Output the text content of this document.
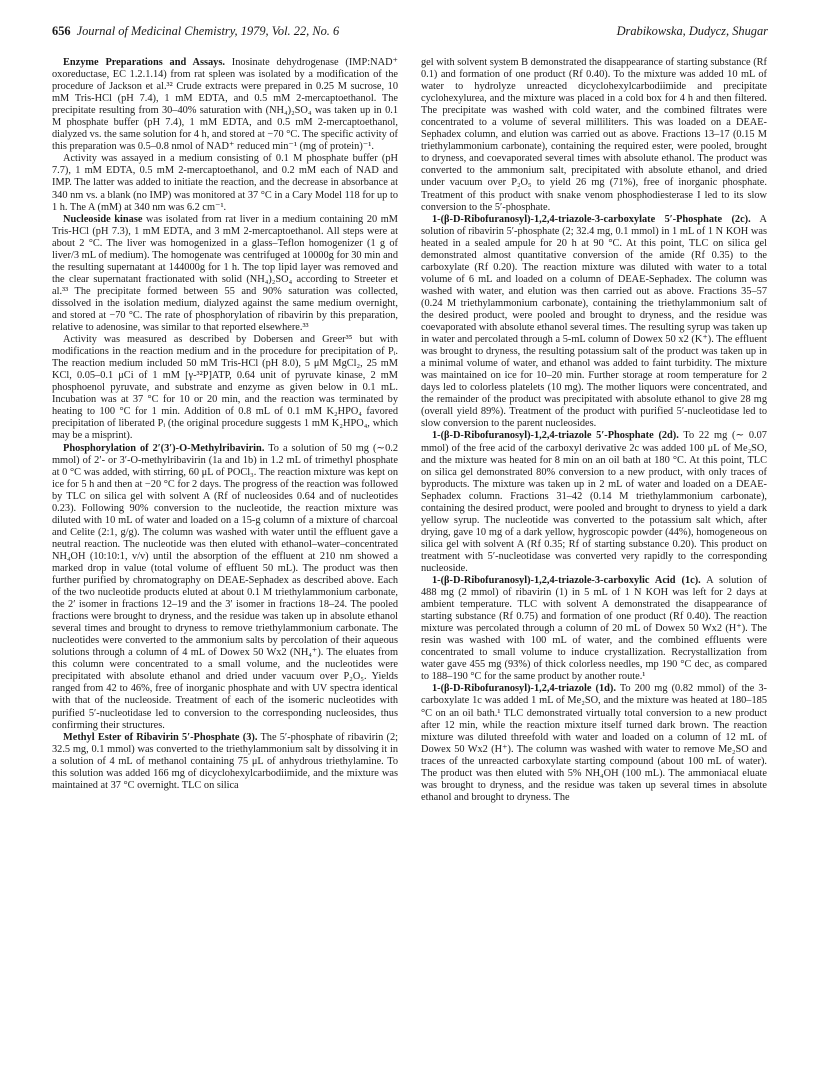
656 Journal of Medicinal Chemistry, 1979, Vol. 22, No. 6	Drabikowska, Dudycz, Shugar

Enzyme Preparations and Assays. Inosinate dehydrogenase (IMP:NAD⁺ oxoreductase, EC 1.2.1.14) from rat spleen was isolated by a modification of the procedure of Jackson et al.³² Crude extracts were prepared in 0.25 M sucrose, 10 mM Tris-HCl (pH 7.4), 1 mM EDTA, and 0.5 mM 2-mercaptoethanol. The precipitate resulting from 30–40% saturation with (NH₄)₂SO₄ was taken up in 0.1 M phosphate buffer (pH 7.4), 1 mM EDTA, and 0.5 mM 2-mercaptoethanol, dialyzed vs. the same solution for 4 h, and stored at −70 °C. The specific activity of this preparation was 0.5–0.8 nmol of NAD⁺ reduced min⁻¹ (mg of protein)⁻¹.

Activity was assayed in a medium consisting of 0.1 M phosphate buffer (pH 7.7), 1 mM EDTA, 0.5 mM 2-mercaptoethanol, and 0.2 mM each of NAD and IMP. The latter was added to initiate the reaction, and the decrease in absorbance at 340 nm vs. a blank (no IMP) was monitored at 37 °C in a Cary Model 118 for up to 1 h. The A (mM) at 340 nm was 6.2 cm⁻¹.

Nucleoside kinase was isolated from rat liver in a medium containing 20 mM Tris-HCl (pH 7.3), 1 mM EDTA, and 3 mM 2-mercaptoethanol. All steps were at about 2 °C. The liver was homogenized in a glass–Teflon homogenizer (1 g of liver/3 mL of medium). The homogenate was centrifuged at 10000g for 30 min and the resulting supernatant at 144000g for 1 h. The top lipid layer was removed and the clear supernatant fractionated with solid (NH₄)₂SO₄ according to Streeter et al.³³ The precipitate formed between 55 and 90% saturation was collected, dissolved in the isolation medium, dialyzed against the same medium overnight, and stored at −70 °C. The rate of phosphorylation of ribavirin by this preparation, relative to adenosine, was similar to that reported elsewhere.³³

Activity was measured as described by Dobersen and Greer³⁵ but with modifications in the reaction medium and in the procedure for precipitation of Pᵢ. The reaction medium included 50 mM Tris-HCl (pH 8.0), 5 μM MgCl₂, 25 mM KCl, 0.05–0.1 μCi of 1 mM [γ-³²P]ATP, 0.64 unit of pyruvate kinase, 2 mM phosphoenol pyruvate, and substrate and enzyme as given below in 0.1 mL. Incubation was at 37 °C for 10 or 20 min, and the reaction was terminated by heating to 100 °C for 1 min. Addition of 0.8 mL of 0.1 mM K₂HPO₄ favored precipitation of liberated Pᵢ (the original procedure suggests 1 mM K₂HPO₄, which may be a misprint).

Phosphorylation of 2′(3′)-O-Methylribavirin. To a solution of 50 mg (∼0.2 mmol) of 2′- or 3′-O-methylribavirin (1a and 1b) in 1.2 mL of trimethyl phosphate at 0 °C was added, with stirring, 60 μL of POCl₃. The reaction mixture was kept on ice for 5 h and then at −20 °C for 2 days. The progress of the reaction was followed by TLC on silica gel with solvent A (Rf of nucleosides 0.64 and of nucleotides 0.23). Following 90% conversion to the nucleotide, the reaction mixture was diluted with 10 mL of water and loaded on a 15-g column of a mixture of charcoal and Celite (2:1, g/g). The column was washed with water until the effluent gave a neutral reaction. The nucleotide was then eluted with ethanol–water–concentrated NH₄OH (10:10:1, v/v) until the absorption of the effluent at 210 nm showed a marked drop in value (total volume of effluent 50 mL). The product was then further purified by chromatography on DEAE-Sephadex as described above. Each of the two nucleotide products eluted at about 0.1 M triethylammonium carbonate, the 2′ isomer in fractions 12–19 and the 3′ isomer in fractions 18–24. The pooled fractions were brought to dryness, and the residue was taken up in absolute ethanol several times and brought to dryness to remove triethylammonium carbonate. The nucleotides were converted to the ammonium salts by percolation of their aqueous solutions through a column of 4 mL of Dowex 50 Wx2 (NH₄⁺). The eluates from this column were concentrated to a small volume, and the nucleotides were precipitated with absolute ethanol and dried under vacuum over P₂O₅. Yields ranged from 42 to 46%, free of inorganic phosphate and with UV spectra identical with that of the nucleoside. Treatment of each of the isomeric nucleotides with purified 5′-nucleotidase led to conversion to the corresponding nucleosides, thus confirming their structures.

Methyl Ester of Ribavirin 5′-Phosphate (3). The 5′-phosphate of ribavirin (2; 32.5 mg, 0.1 mmol) was converted to the triethylammonium salt by dissolving it in a solution of 4 mL of methanol containing 75 μL of anhydrous triethylamine. To this solution was added 166 mg of dicyclohexylcarbodiimide, and the mixture was maintained at 37 °C overnight. TLC on silica

gel with solvent system B demonstrated the disappearance of starting substance (Rf 0.1) and formation of one product (Rf 0.40). To the mixture was added 10 mL of water to hydrolyze unreacted dicyclohexylcarbodiimide and precipitate cyclohexylurea, and the mixture was placed in a cold box for 4 h and then filtered. The precipitate was washed with cold water, and the combined filtrates were concentrated to a volume of several milliliters. This was loaded on a DEAE-Sephadex column, and elution was carried out as above. Fractions 13–17 (0.15 M triethylammonium carbonate), containing the required ester, were pooled, brought to dryness, and coevaporated several times with absolute ethanol. The product was converted to the ammonium salt, precipitated with absolute ethanol, and dried under vacuum over P₂O₅ to yield 26 mg (71%), free of inorganic phosphate. Treatment of this product with snake venom phosphodiesterase I led to its slow conversion to the 5′-phosphate.

1-(β-D-Ribofuranosyl)-1,2,4-triazole-3-carboxylate 5′-Phosphate (2c). A solution of ribavirin 5′-phosphate (2; 32.4 mg, 0.1 mmol) in 1 mL of 1 N KOH was heated in a sealed ampule for 20 h at 90 °C. At this point, TLC on silica gel demonstrated almost quantitative conversion of the amide (Rf 0.35) to the carboxylate (Rf 0.20). The reaction mixture was diluted with water to a total volume of 6 mL and loaded on a column of DEAE-Sephadex. The column was washed with water, and elution was then carried out as above. Fractions 35–57 (0.24 M triethylammonium carbonate), containing the triethylammonium salt of the desired product, were pooled and brought to dryness, and the residue was coevaporated with absolute ethanol several times. The resulting syrup was taken up in water and percolated through a 5-mL column of Dowex 50 x2 (K⁺). The effluent was brought to dryness, the resulting potassium salt of the product was taken up in a minimal volume of water, and ethanol was added to faint turbidity. The mixture was maintained on ice for 10–20 min. Further storage at room temperature for 2 days led to colorless platelets (10 mg). The mother liquors were concentrated, and the remainder of the product was precipitated with absolute ethanol to give 28 mg (overall yield 89%). Treatment of the product with purified 5′-nucleotidase led to slow conversion to the parent nucleosides.

1-(β-D-Ribofuranosyl)-1,2,4-triazole 5′-Phosphate (2d). To 22 mg (∼ 0.07 mmol) of the free acid of the carboxyl derivative 2c was added 100 μL of Me₂SO, and the mixture was heated for 8 min on an oil bath at 180 °C. At this point, TLC on silica gel demonstrated 80% conversion to a new product, with only traces of byproducts. The mixture was taken up in 2 mL of water and loaded on a DEAE-Sephadex column. Fractions 31–42 (0.14 M triethylammonium carbonate), containing the desired product, were pooled and brought to dryness to yield a dark yellow syrup. The nucleotide was converted to the potassium salt which, after drying, gave 10 mg of a dark yellow, hygroscopic powder (44%), homogeneous on silica gel with solvent A (Rf 0.35; Rf of starting substance 0.20). This product on treatment with 5′-nucleotidase was converted very rapidly to the corresponding nucleoside.

1-(β-D-Ribofuranosyl)-1,2,4-triazole-3-carboxylic Acid (1c). A solution of 488 mg (2 mmol) of ribavirin (1) in 5 mL of 1 N KOH was left for 2 days at ambient temperature. TLC with solvent A demonstrated the disappearance of starting substance (Rf 0.75) and formation of one product (Rf 0.40). The reaction mixture was percolated through a column of 20 mL of Dowex 50 Wx2 (H⁺). The resin was washed with 100 mL of water, and the combined effluents were concentrated to small volume to induce crystallization. Recrystallization from water gave 455 mg (93%) of thick colorless needles, mp 190 °C dec, as compared to 188–190 °C for the same product by another route.¹

1-(β-D-Ribofuranosyl)-1,2,4-triazole (1d). To 200 mg (0.82 mmol) of the 3-carboxylate 1c was added 1 mL of Me₂SO, and the mixture was heated at 180–185 °C on an oil bath.¹ TLC demonstrated virtually total conversion to a new product after 12 min, while the reaction mixture itself turned dark brown. The reaction mixture was diluted threefold with water and loaded on a column of 12 mL of Dowex 50 Wx2 (H⁺). The column was washed with water to remove Me₂SO and traces of the unreacted carboxylate starting compound (about 100 mL of water). The product was then eluted with 5% NH₄OH (100 mL). The ammoniacal eluate was brought to dryness, and the residue was taken up several times in absolute ethanol and brought to dryness. The
